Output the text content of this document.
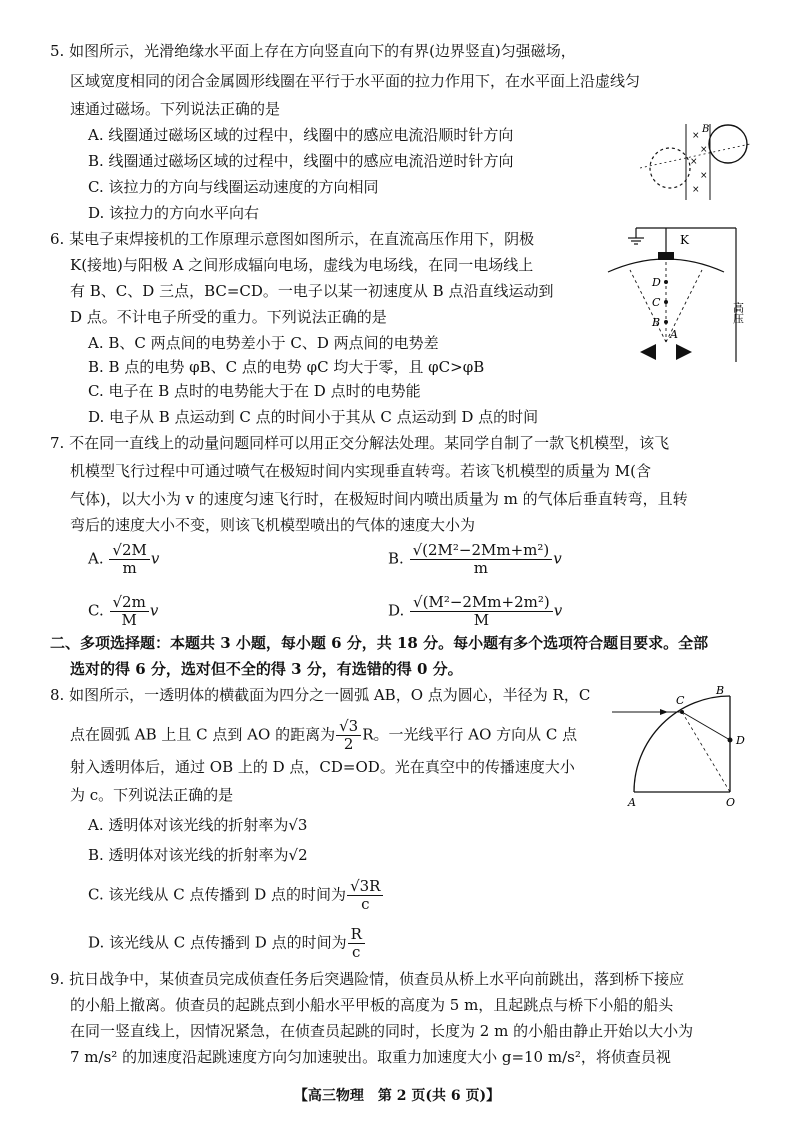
5. 如图所示，光滑绝缘水平面上存在方向竖直向下的有界(边界竖直)匀强磁场，
区域宽度相同的闭合金属圆形线圈在平行于水平面的拉力作用下，在水平面上沿虚线匀
速通过磁场。下列说法正确的是
A. 线圈通过磁场区域的过程中，线圈中的感应电流沿顺时针方向
B. 线圈通过磁场区域的过程中，线圈中的感应电流沿逆时针方向
C. 该拉力的方向与线圈运动速度的方向相同
D. 该拉力的方向水平向右
×
×
×
×
×
B
6. 某电子束焊接机的工作原理示意图如图所示，在直流高压作用下，阴极
K(接地)与阳极 A 之间形成辐向电场，虚线为电场线，在同一电场线上
有 B、C、D 三点，BC=CD。一电子以某一初速度从 B 点沿直线运动到
D 点。不计电子所受的重力。下列说法正确的是
A. B、C 两点间的电势差小于 C、D 两点间的电势差
B. B 点的电势 φB、C 点的电势 φC 均大于零，且 φC>φB
C. 电子在 B 点时的电势能大于在 D 点时的电势能
D. 电子从 B 点运动到 C 点的时间小于其从 C 点运动到 D 点的时间
K
D
C
B
A
高压
7. 不在同一直线上的动量问题同样可以用正交分解法处理。某同学自制了一款飞机模型，该飞
机模型飞行过程中可通过喷气在极短时间内实现垂直转弯。若该飞机模型的质量为 M(含
气体)，以大小为 v 的速度匀速飞行时，在极短时间内喷出质量为 m 的气体后垂直转弯，且转
弯后的速度大小不变，则该飞机模型喷出的气体的速度大小为
A. $\frac{√2M}{m}$ v	B. $\frac{\text{√(2M²−2Mm+m²)}}{m}$ v
C. $\frac{√2m}{M}$ v	D. $\frac{\text{√(M²−2Mm+2m²)}}{M}$ v
二、多项选择题：本题共 3 小题，每小题 6 分，共 18 分。每小题有多个选项符合题目要求。全部
选对的得 6 分，选对但不全的得 3 分，有选错的得 0 分。
8. 如图所示，一透明体的横截面为四分之一圆弧 AB，O 点为圆心，半径为 R，C
点在圆弧 AB 上且 C 点到 AO 的距离为 $\frac{√3}{2}$ R。一光线平行 AO 方向从 C 点
射入透明体后，通过 OB 上的 D 点，CD=OD。光在真空中的传播速度大小
为 c。下列说法正确的是
A. 透明体对该光线的折射率为√3
B. 透明体对该光线的折射率为√2
C. 该光线从 C 点传播到 D 点的时间为 $\frac{√3R}{c}$
D. 该光线从 C 点传播到 D 点的时间为 $\frac{R}{c}$
C
B
D
A	O
9. 抗日战争中，某侦查员完成侦查任务后突遇险情，侦查员从桥上水平向前跳出，落到桥下接应
的小船上撤离。侦查员的起跳点到小船水平甲板的高度为 5 m，且起跳点与桥下小船的船头
在同一竖直线上，因情况紧急，在侦查员起跳的同时，长度为 2 m 的小船由静止开始以大小为
7 m/s² 的加速度沿起跳速度方向匀加速驶出。取重力加速度大小 g=10 m/s²，将侦查员视
【高三物理　第 2 页(共 6 页)】
